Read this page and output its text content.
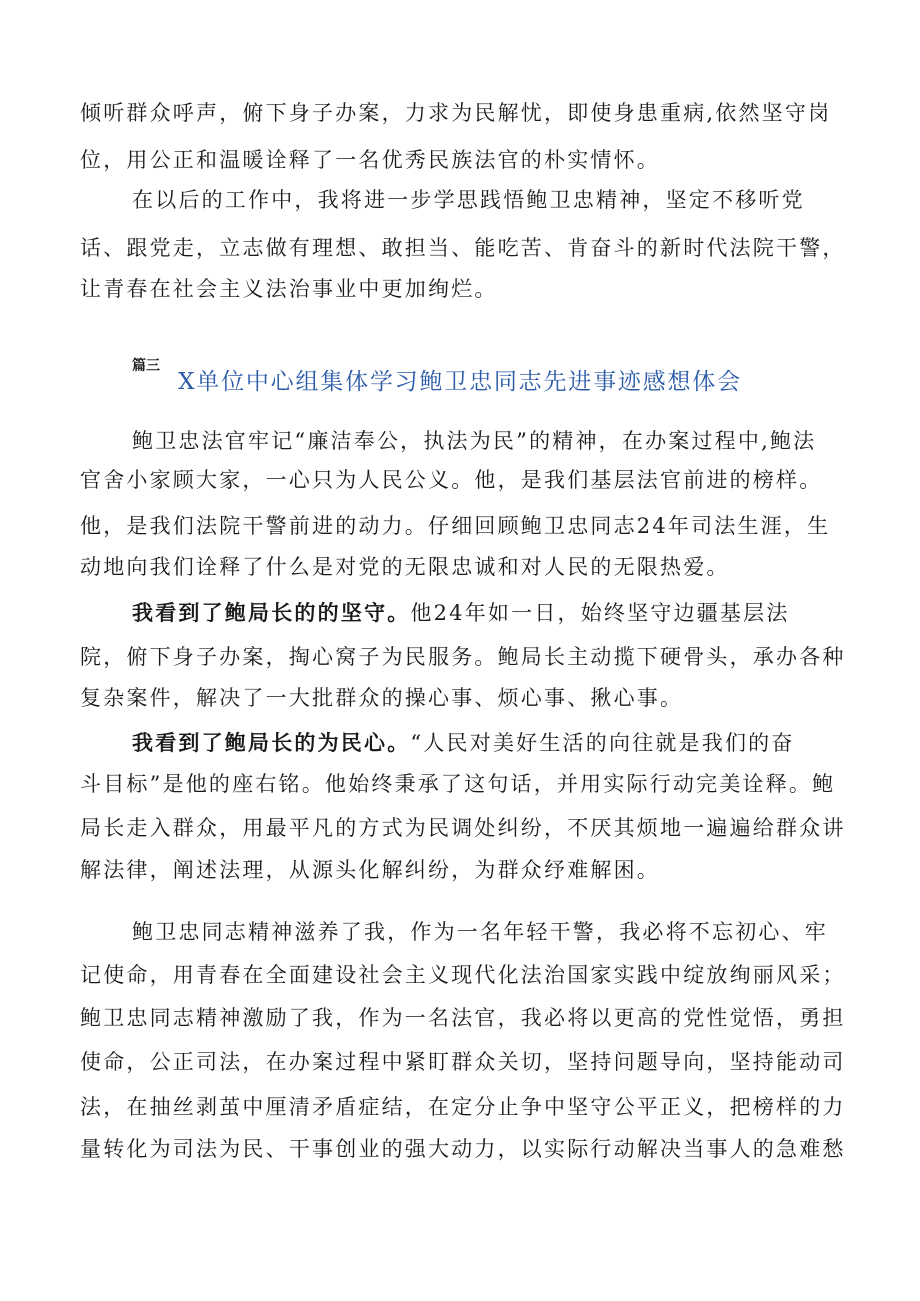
倾听群众呼声，俯下身子办案，力求为民解忧，即使身患重病,依然坚守岗
位，用公正和温暖诠释了一名优秀民族法官的朴实情怀。
在以后的工作中，我将进一步学思践悟鲍卫忠精神，坚定不移听党
话、跟党走，立志做有理想、敢担当、能吃苦、肯奋斗的新时代法院干警，
让青春在社会主义法治事业中更加绚烂。
篇三
X单位中心组集体学习鲍卫忠同志先进事迹感想体会
鲍卫忠法官牢记“廉洁奉公，执法为民”的精神，在办案过程中,鲍法
官舍小家顾大家，一心只为人民公义。他，是我们基层法官前进的榜样。
他，是我们法院干警前进的动力。仔细回顾鲍卫忠同志24年司法生涯，生
动地向我们诠释了什么是对党的无限忠诚和对人民的无限热爱。
我看到了鲍局长的的坚守。他24年如一日，始终坚守边疆基层法
院，俯下身子办案，掏心窝子为民服务。鲍局长主动揽下硬骨头，承办各种
复杂案件，解决了一大批群众的操心事、烦心事、揪心事。
我看到了鲍局长的为民心。“人民对美好生活的向往就是我们的奋
斗目标”是他的座右铭。他始终秉承了这句话，并用实际行动完美诠释。鲍
局长走入群众，用最平凡的方式为民调处纠纷，不厌其烦地一遍遍给群众讲
解法律，阐述法理，从源头化解纠纷，为群众纾难解困。
鲍卫忠同志精神滋养了我，作为一名年轻干警，我必将不忘初心、牢
记使命，用青春在全面建设社会主义现代化法治国家实践中绽放绚丽风采；
鲍卫忠同志精神激励了我，作为一名法官，我必将以更高的党性觉悟，勇担
使命，公正司法，在办案过程中紧盯群众关切，坚持问题导向，坚持能动司
法，在抽丝剥茧中厘清矛盾症结，在定分止争中坚守公平正义，把榜样的力
量转化为司法为民、干事创业的强大动力，以实际行动解决当事人的急难愁
